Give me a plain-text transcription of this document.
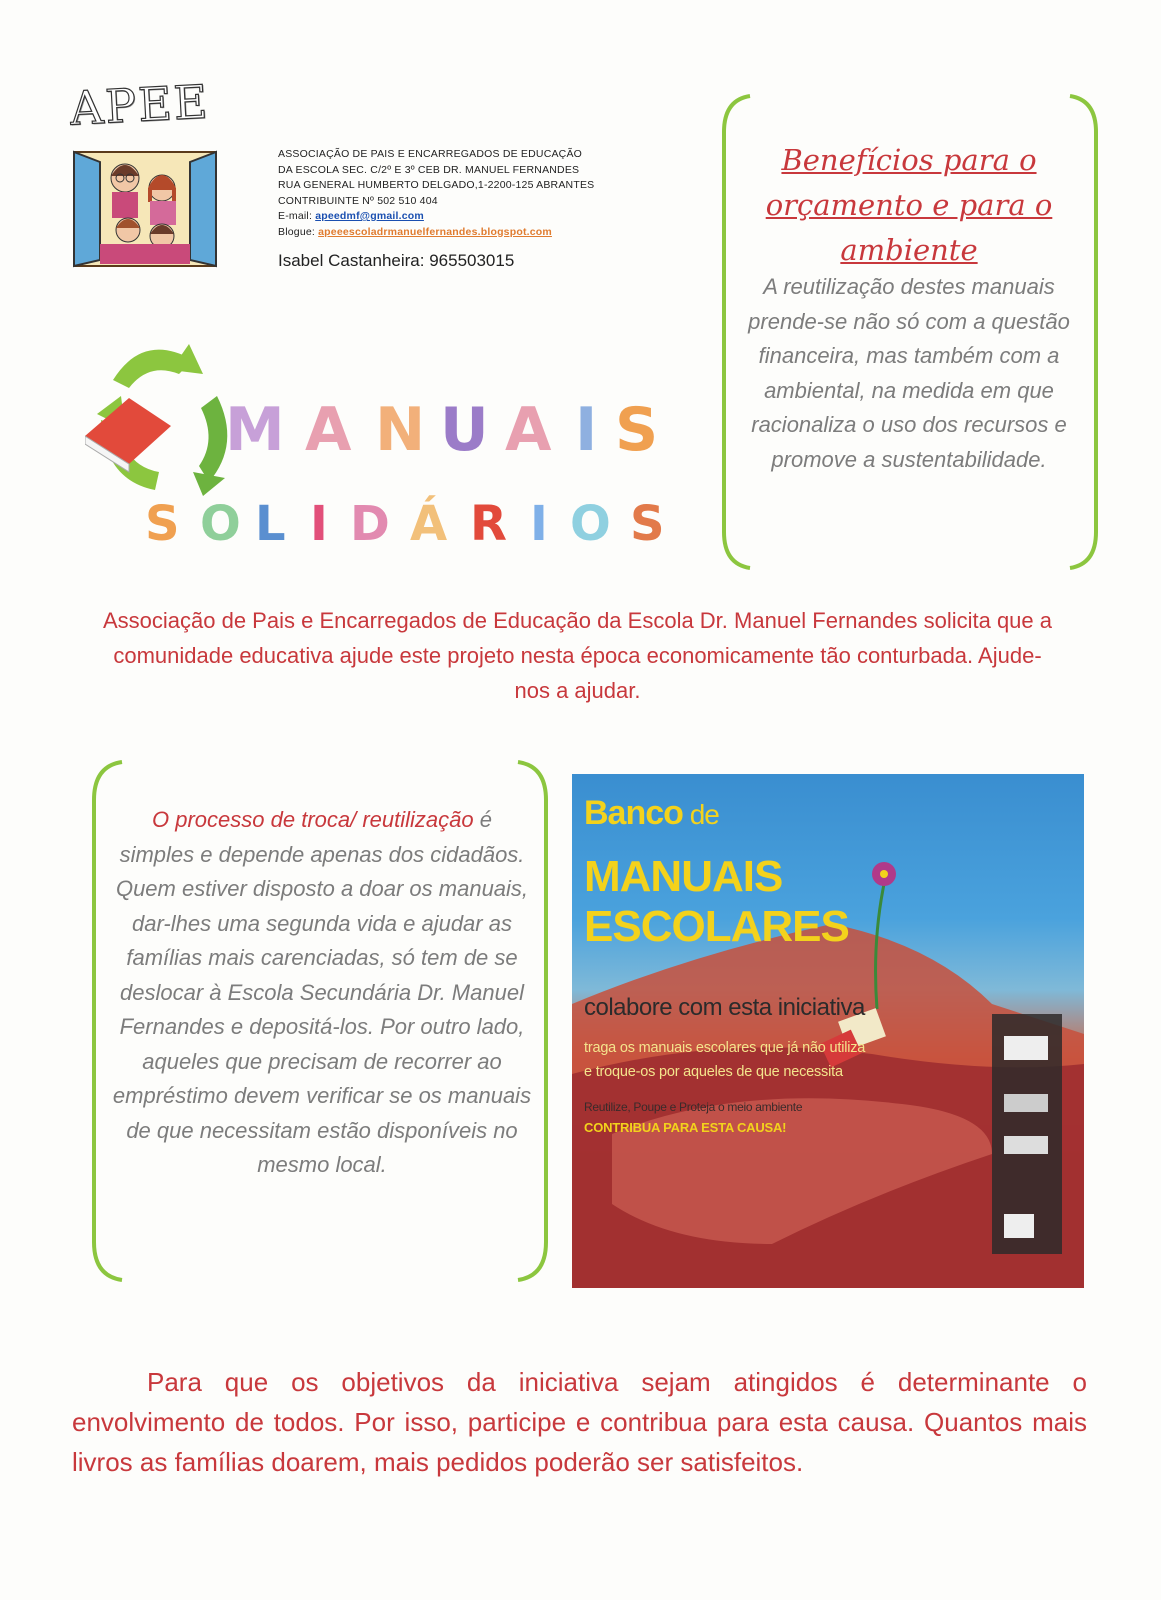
APEE
ASSOCIAÇÃO DE PAIS E ENCARREGADOS DE EDUCAÇÃO
DA ESCOLA SEC. C/2º E 3º CEB DR. MANUEL FERNANDES
RUA GENERAL HUMBERTO DELGADO,1-2200-125 ABRANTES
CONTRIBUINTE Nº 502 510 404
E-mail: apeedmf@gmail.com
Blogue: apeeescoladrmanuelfernandes.blogspot.com
Isabel Castanheira: 965503015
M A N U A I S
S O L I D Á R I O S
Benefícios para o orçamento e para o ambiente
A reutilização destes manuais prende-se não só com a questão financeira, mas também com a ambiental, na medida em que racionaliza o uso dos recursos e promove a sustentabilidade.
Associação de Pais e Encarregados de Educação da Escola Dr. Manuel Fernandes solicita que a comunidade educativa ajude este projeto nesta época economicamente tão conturbada. Ajude-nos a ajudar.
O processo de troca/ reutilização é simples e depende apenas dos cidadãos. Quem estiver disposto a doar os manuais, dar-lhes uma segunda vida e ajudar as famílias mais carenciadas, só tem de se deslocar à Escola Secundária Dr. Manuel Fernandes e depositá-los. Por outro lado, aqueles que precisam de recorrer ao empréstimo devem verificar se os manuais de que necessitam estão disponíveis no mesmo local.
Banco de
MANUAIS
ESCOLARES
colabore com esta iniciativa
traga os manuais escolares que já não utiliza
e troque-os por aqueles de que necessita
Reutilize, Poupe e Proteja o meio ambiente
CONTRIBUA PARA ESTA CAUSA!
Para que os objetivos da iniciativa sejam atingidos é determinante o envolvimento de todos. Por isso, participe e contribua para esta causa. Quantos mais livros as famílias doarem, mais pedidos poderão ser satisfeitos.
